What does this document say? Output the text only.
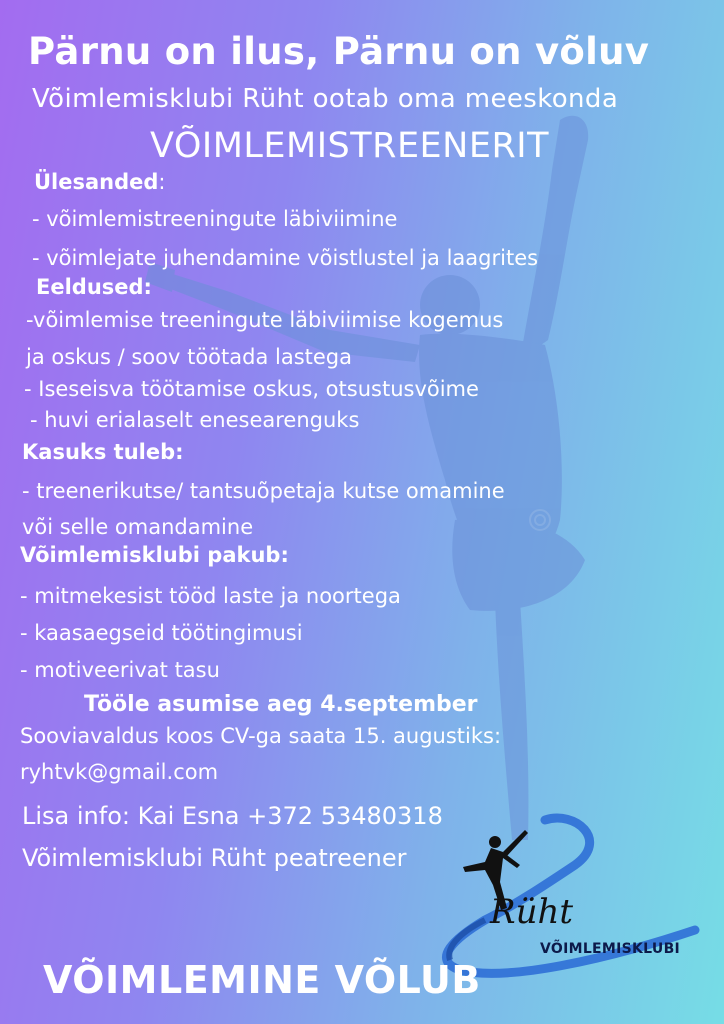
Pärnu on ilus, Pärnu on võluv
Võimlemisklubi Rüht ootab oma meeskonda
VÕIMLEMISTREENERIT
Ülesanded:
- võimlemistreeningute läbiviimine
- võimlejate juhendamine võistlustel ja laagrites
Eeldused:
-võimlemise treeningute läbiviimise kogemus
ja oskus / soov töötada lastega
- Iseseisva töötamise oskus, otsustusvõime
- huvi erialaselt enesearenguks
Kasuks tuleb:
- treenerikutse/ tantsuõpetaja kutse omamine
või selle omandamine
Võimlemisklubi pakub:
- mitmekesist tööd laste ja noortega
- kaasaegseid töötingimusi
- motiveerivat tasu
Tööle asumise aeg 4.september
Sooviavaldus koos CV-ga saata 15. augustiks:
ryhtvk@gmail.com
Lisa info: Kai Esna +372 53480318
Võimlemisklubi Rüht peatreener
Rüht
VÕIMLEMISKLUBI
VÕIMLEMINE VÕLUB
